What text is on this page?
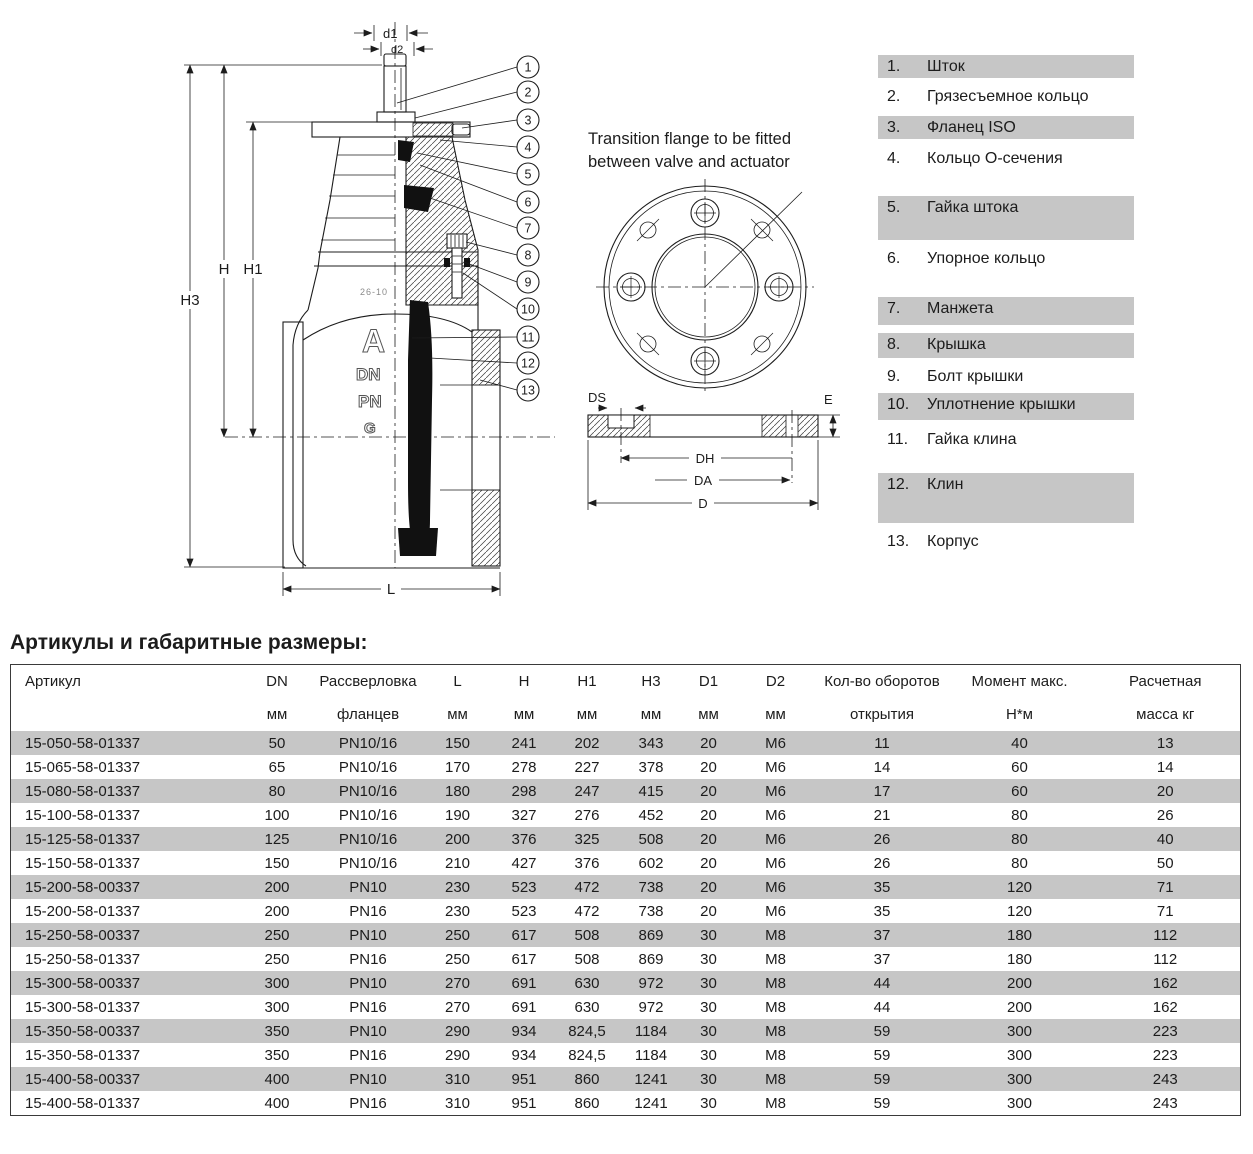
26-10
A
DN
PN
G
d1
d2
H3
H H1
L
1
2
3
4
5
6
7
8
9
10
11
12
13
Transition flange to be fitted
between valve and actuator
DS	E
DH
DA
D
1.	Шток
2.	Грязесъемное кольцо
3.	Фланец ISO
4.	Кольцо О-сечения
5.	Гайка штока
6.	Упорное кольцо
7.	Манжета
8.	Крышка
9.	Болт крышки
10.	Уплотнение крышки
11.	Гайка клина
12.	Клин
13.	Корпус
Артикулы и габаритные размеры:
Артикул	DN	Рассверловка	L	H	H1	H3	D1	D2	Кол-во оборотов	Момент макс.	Расчетная
	мм	фланцев	мм	мм	мм	мм	мм	мм	открытия	Н*м	масса кг
15-050-58-01337	50	PN10/16	150	241	202	343	20	M6	11	40	13
15-065-58-01337	65	PN10/16	170	278	227	378	20	M6	14	60	14
15-080-58-01337	80	PN10/16	180	298	247	415	20	M6	17	60	20
15-100-58-01337	100	PN10/16	190	327	276	452	20	M6	21	80	26
15-125-58-01337	125	PN10/16	200	376	325	508	20	M6	26	80	40
15-150-58-01337	150	PN10/16	210	427	376	602	20	M6	26	80	50
15-200-58-00337	200	PN10	230	523	472	738	20	M6	35	120	71
15-200-58-01337	200	PN16	230	523	472	738	20	M6	35	120	71
15-250-58-00337	250	PN10	250	617	508	869	30	M8	37	180	112
15-250-58-01337	250	PN16	250	617	508	869	30	M8	37	180	112
15-300-58-00337	300	PN10	270	691	630	972	30	M8	44	200	162
15-300-58-01337	300	PN16	270	691	630	972	30	M8	44	200	162
15-350-58-00337	350	PN10	290	934	824,5	1184	30	M8	59	300	223
15-350-58-01337	350	PN16	290	934	824,5	1184	30	M8	59	300	223
15-400-58-00337	400	PN10	310	951	860	1241	30	M8	59	300	243
15-400-58-01337	400	PN16	310	951	860	1241	30	M8	59	300	243
